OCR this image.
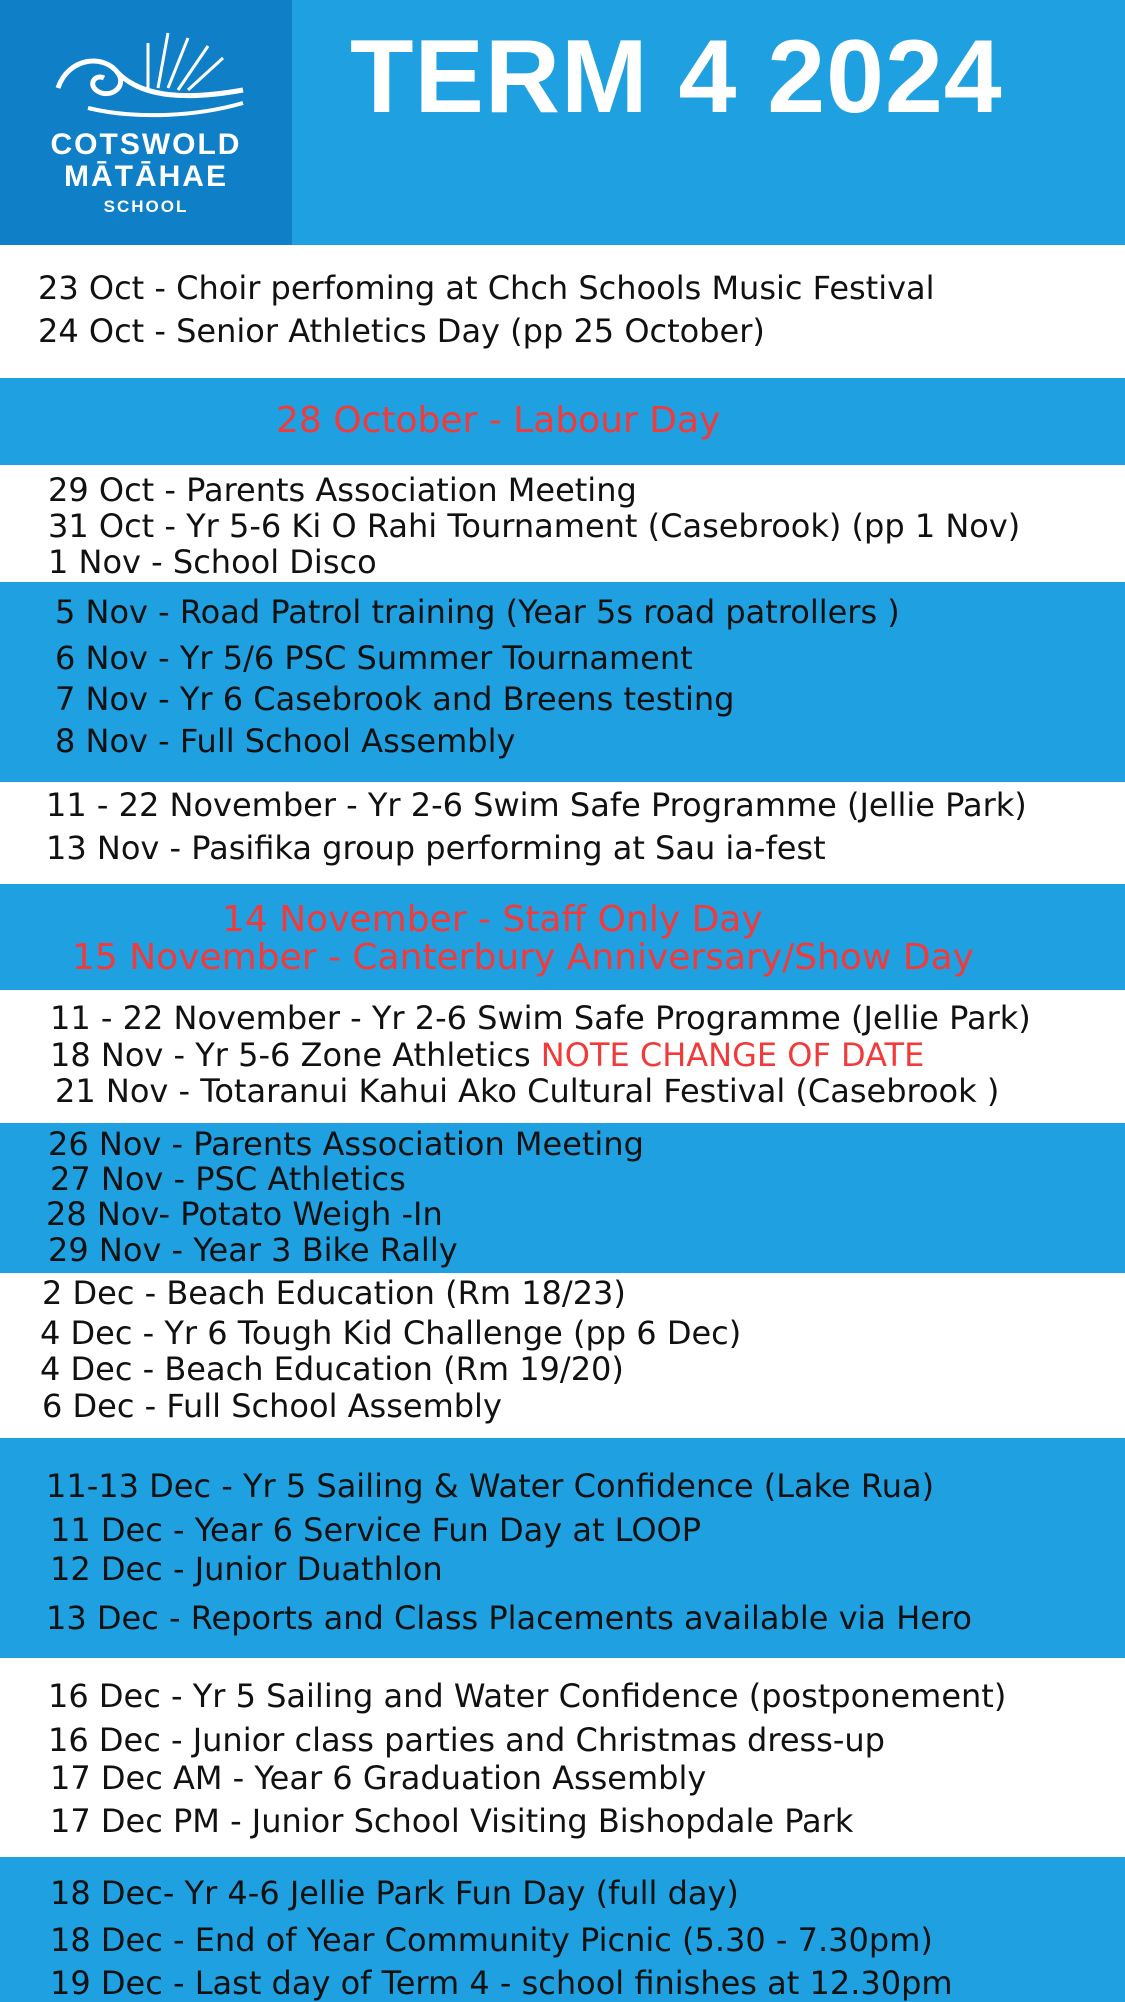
COTSWOLD
MĀTĀHAE
SCHOOL
TERM 4 2024
23 Oct - Choir perfoming at Chch Schools Music Festival
24 Oct - Senior Athletics Day (pp 25 October)
28 October - Labour Day
29 Oct - Parents Association Meeting
31 Oct - Yr 5-6 Ki O Rahi Tournament (Casebrook) (pp 1 Nov)
1 Nov - School Disco
5 Nov - Road Patrol training (Year 5s road patrollers )
6 Nov - Yr 5/6 PSC Summer Tournament
7 Nov - Yr 6 Casebrook and Breens testing
8 Nov - Full School Assembly
11 - 22 November - Yr 2-6 Swim Safe Programme (Jellie Park)
13 Nov - Pasifika group performing at Sau ia-fest
14 November - Staff Only Day
15 November - Canterbury Anniversary/Show Day
11 - 22 November - Yr 2-6 Swim Safe Programme (Jellie Park)
18 Nov - Yr 5-6 Zone Athletics NOTE CHANGE OF DATE
21 Nov - Totaranui Kahui Ako Cultural Festival (Casebrook )
26 Nov - Parents Association Meeting
27 Nov - PSC Athletics
28 Nov- Potato Weigh -In
29 Nov - Year 3 Bike Rally
2 Dec - Beach Education (Rm 18/23)
4 Dec - Yr 6 Tough Kid Challenge (pp 6 Dec)
4 Dec - Beach Education (Rm 19/20)
6 Dec - Full School Assembly
11-13 Dec - Yr 5 Sailing & Water Confidence (Lake Rua)
11 Dec - Year 6 Service Fun Day at LOOP
12 Dec - Junior Duathlon
13 Dec - Reports and Class Placements available via Hero
16 Dec - Yr 5 Sailing and Water Confidence (postponement)
16 Dec - Junior class parties and Christmas dress-up
17 Dec AM - Year 6 Graduation Assembly
17 Dec PM - Junior School Visiting Bishopdale Park
18 Dec- Yr 4-6 Jellie Park Fun Day (full day)
18 Dec - End of Year Community Picnic (5.30 - 7.30pm)
19 Dec - Last day of Term 4 - school finishes at 12.30pm
